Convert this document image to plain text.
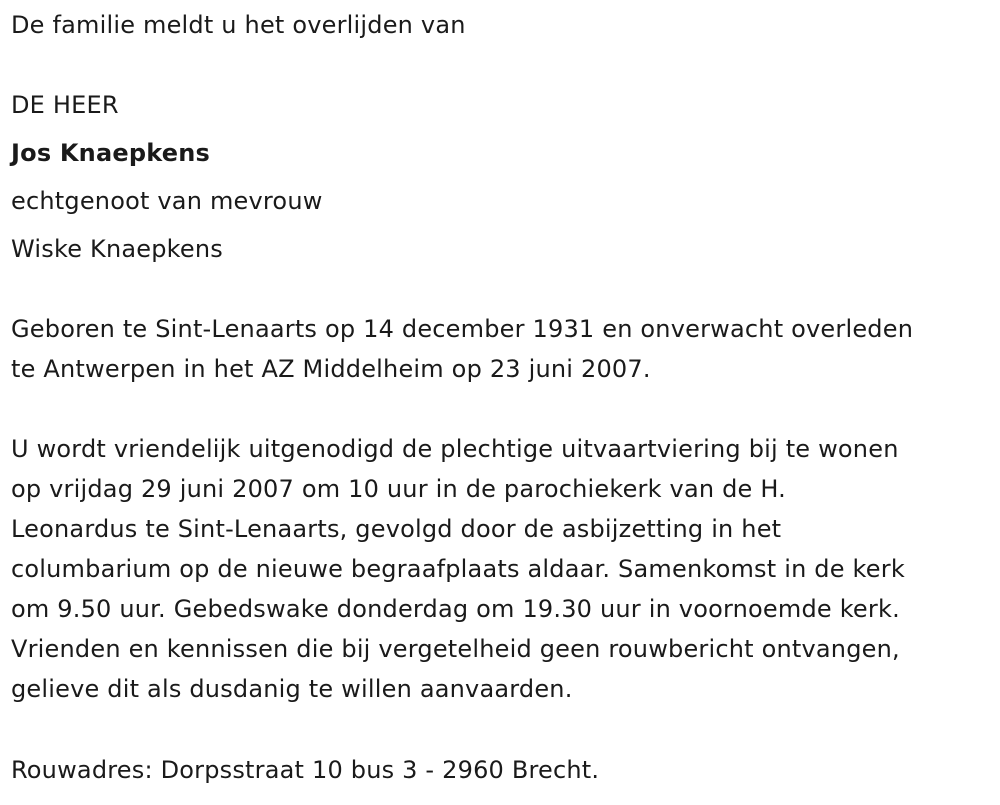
De familie meldt u het overlijden van
DE HEER
Jos Knaepkens
echtgenoot van mevrouw
Wiske Knaepkens
Geboren te Sint-Lenaarts op 14 december 1931 en onverwacht overleden
te Antwerpen in het AZ Middelheim op 23 juni 2007.
U wordt vriendelijk uitgenodigd de plechtige uitvaartviering bij te wonen
op vrijdag 29 juni 2007 om 10 uur in de parochiekerk van de H.
Leonardus te Sint-Lenaarts, gevolgd door de asbijzetting in het
columbarium op de nieuwe begraafplaats aldaar. Samenkomst in de kerk
om 9.50 uur. Gebedswake donderdag om 19.30 uur in voornoemde kerk.
Vrienden en kennissen die bij vergetelheid geen rouwbericht ontvangen,
gelieve dit als dusdanig te willen aanvaarden.
Rouwadres: Dorpsstraat 10 bus 3 - 2960 Brecht.
